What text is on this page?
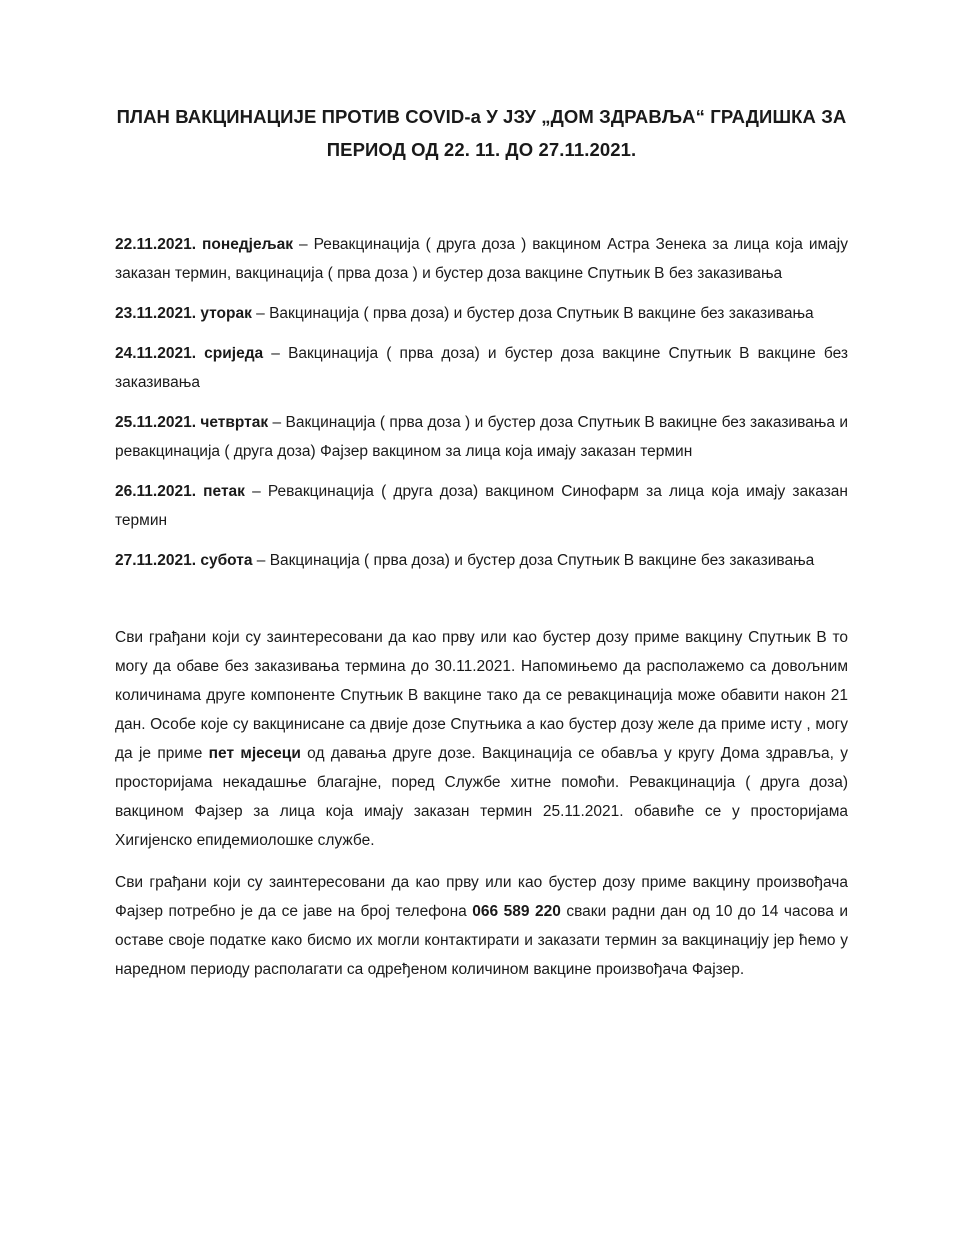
ПЛАН ВАКЦИНАЦИЈЕ ПРОТИВ COVID-a У ЈЗУ „ДОМ ЗДРАВЉА“ ГРАДИШКА ЗА
ПЕРИОД ОД 22. 11. ДО 27.11.2021.

22.11.2021. понедјељак – Ревакцинација ( друга доза ) вакцином Астра Зенека за лица која имају заказан термин, вакцинација ( прва доза ) и бустер доза вакцине Спутњик В без заказивања

23.11.2021. уторак – Вакцинација ( прва доза) и бустер доза Спутњик В вакцине без заказивања

24.11.2021. сриједа – Вакцинација ( прва доза) и бустер доза вакцине Спутњик В вакцине без заказивања

25.11.2021. четвртак – Вакцинација ( прва доза ) и бустер доза Спутњик В вакицне без заказивања и ревакцинација ( друга доза) Фајзер вакцином за лица која имају заказан термин

26.11.2021. петак – Ревакцинација ( друга доза) вакцином Синофарм за лица која имају заказан термин

27.11.2021. субота – Вакцинација ( прва доза) и бустер доза Спутњик В вакцине без заказивања

Сви грађани који су заинтересовани да као прву или као бустер дозу приме вакцину Спутњик В то могу да обаве без заказивања термина до 30.11.2021. Напомињемо да располажемо са довољним количинама друге компоненте Спутњик В вакцине тако да се ревакцинација може обавити након 21 дан. Особе које су вакцинисане са двије дозе Спутњика а као бустер дозу желе да приме исту , могу да је приме пет мјесеци од давања друге дозе. Вакцинација се обавља у кругу Дома здравља, у просторијама некадашње благајне, поред Службе хитне помоћи. Ревакцинација ( друга доза) вакцином Фајзер за лица која имају заказан термин 25.11.2021. обавиће се у просторијама Хигијенско епидемиолошке службе.

Сви грађани који су заинтересовани да као прву или као бустер дозу приме вакцину произвођача Фајзер потребно је да се јаве на број телефона 066 589 220 сваки радни дан од 10 до 14 часова и оставе своје податке како бисмо их могли контактирати и заказати термин за вакцинацију јер ћемо у наредном периоду располагати са одређеном количином вакцине произвођача Фајзер.
